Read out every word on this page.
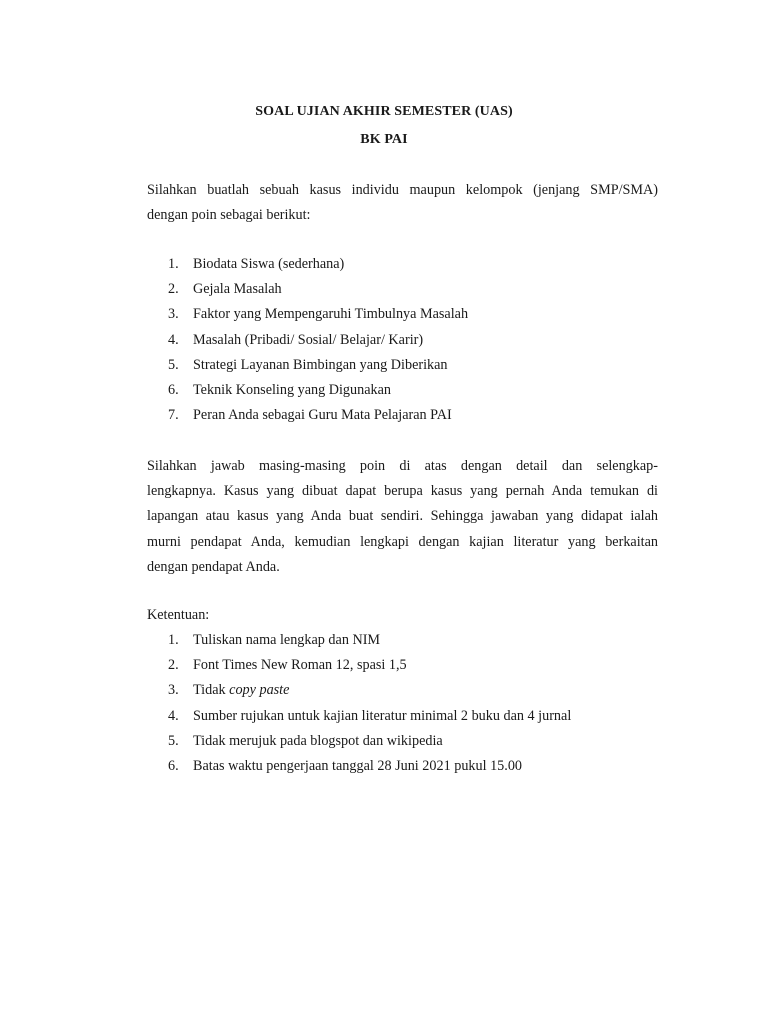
SOAL UJIAN AKHIR SEMESTER (UAS)
BK PAI
Silahkan buatlah sebuah kasus individu maupun kelompok (jenjang SMP/SMA)
dengan poin sebagai berikut:
1. Biodata Siswa (sederhana)
2. Gejala Masalah
3. Faktor yang Mempengaruhi Timbulnya Masalah
4. Masalah (Pribadi/ Sosial/ Belajar/ Karir)
5. Strategi Layanan Bimbingan yang Diberikan
6. Teknik Konseling yang Digunakan
7. Peran Anda sebagai Guru Mata Pelajaran PAI
Silahkan jawab masing-masing poin di atas dengan detail dan selengkap-
lengkapnya. Kasus yang dibuat dapat berupa kasus yang pernah Anda temukan di
lapangan atau kasus yang Anda buat sendiri. Sehingga jawaban yang didapat ialah
murni pendapat Anda, kemudian lengkapi dengan kajian literatur yang berkaitan
dengan pendapat Anda.
Ketentuan:
1. Tuliskan nama lengkap dan NIM
2. Font Times New Roman 12, spasi 1,5
3. Tidak copy paste
4. Sumber rujukan untuk kajian literatur minimal 2 buku dan 4 jurnal
5. Tidak merujuk pada blogspot dan wikipedia
6. Batas waktu pengerjaan tanggal 28 Juni 2021 pukul 15.00
